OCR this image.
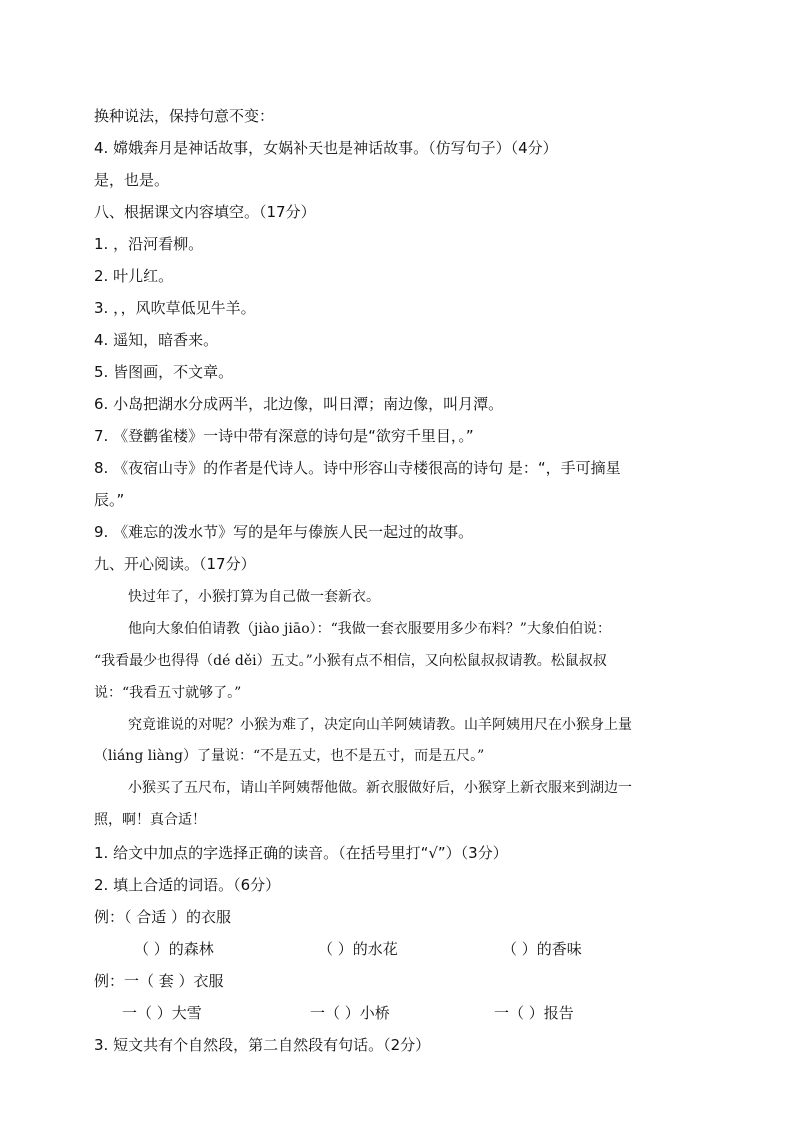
换种说法，保持句意不变：
4. 嫦娥奔月是神话故事，女娲补天也是神话故事。（仿写句子）（4分）
是，也是。
八、根据课文内容填空。（17分）
1. ，沿河看柳。
2. 叶儿红。
3. ，，风吹草低见牛羊。
4. 遥知，暗香来。
5. 皆图画，不文章。
6. 小岛把湖水分成两半，北边像，叫日潭；南边像，叫月潭。
7. 《登鹳雀楼》一诗中带有深意的诗句是“欲穷千里目，。”
8. 《夜宿山寺》的作者是代诗人。诗中形容山寺楼很高的诗句 是：“，手可摘星
辰。”
9. 《难忘的泼水节》写的是年与傣族人民一起过的故事。
九、开心阅读。（17分）
快过年了，小猴打算为自己做一套新衣。
他向大象伯伯请教（jiào jiāo）：“我做一套衣服要用多少布料？”大象伯伯说：
“我看最少也得得（dé děi）五丈。”小猴有点不相信，又向松鼠叔叔请教。松鼠叔叔
说：“我看五寸就够了。”
究竟谁说的对呢？小猴为难了，决定向山羊阿姨请教。山羊阿姨用尺在小猴身上量
（liáng liàng）了量说：“不是五丈，也不是五寸，而是五尺。”
小猴买了五尺布，请山羊阿姨帮他做。新衣服做好后，小猴穿上新衣服来到湖边一
照，啊！真合适！
1. 给文中加点的字选择正确的读音。（在括号里打“√”）（3分）
2. 填上合适的词语。（6分）
例：（ 合适 ）的衣服
（ ）的森林	（ ）的水花	（ ）的香味
例：一（ 套 ）衣服
一（ ）大雪	一（ ）小桥	一（ ）报告
3. 短文共有个自然段，第二自然段有句话。（2分）
